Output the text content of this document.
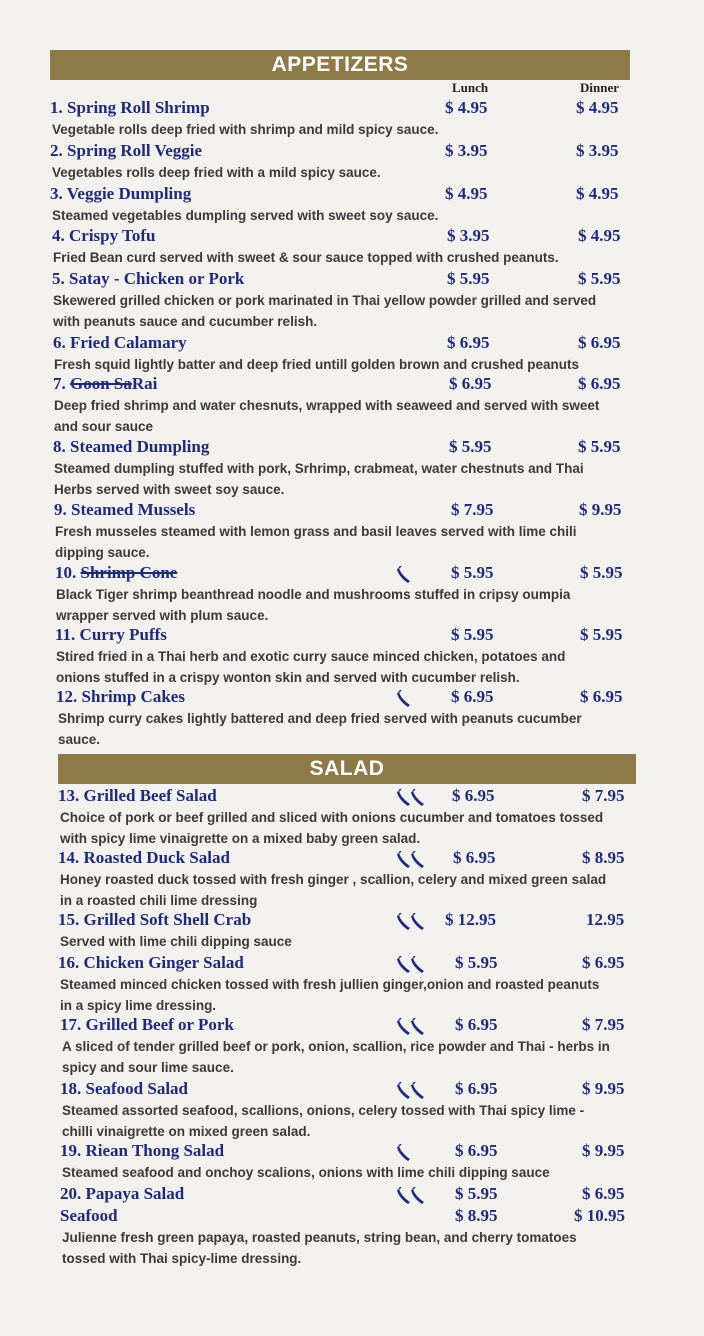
APPETIZERS
Lunch	Dinner
1. Spring Roll Shrimp	$ 4.95	$ 4.95
Vegetable rolls deep fried with shrimp and mild spicy sauce.
2. Spring Roll Veggie	$ 3.95	$ 3.95
Vegetables rolls deep fried with a mild spicy sauce.
3. Veggie Dumpling	$ 4.95	$ 4.95
Steamed vegetables dumpling served with sweet soy sauce.
4. Crispy Tofu	$ 3.95	$ 4.95
Fried Bean curd served with sweet & sour sauce topped with crushed peanuts.
5. Satay - Chicken or Pork	$ 5.95	$ 5.95
Skewered grilled chicken or pork marinated in Thai yellow powder grilled and served
with peanuts sauce and cucumber relish.
6. Fried Calamary	$ 6.95	$ 6.95
Fresh squid lightly batter and deep fried untill golden brown and crushed peanuts
7. Goon SaRai	$ 6.95	$ 6.95
Deep fried shrimp and water chesnuts, wrapped with seaweed and served with sweet
and sour sauce
8. Steamed Dumpling	$ 5.95	$ 5.95
Steamed dumpling stuffed with pork, Srhrimp, crabmeat, water chestnuts and Thai
Herbs served with sweet soy sauce.
9. Steamed Mussels	$ 7.95	$ 9.95
Fresh musseles steamed with lemon grass and basil leaves served with lime chili
dipping sauce.
10. Shrimp Cone	$ 5.95	$ 5.95
Black Tiger shrimp beanthread noodle and mushrooms stuffed in cripsy oumpia
wrapper served with plum sauce.
11. Curry Puffs	$ 5.95	$ 5.95
Stired fried in a Thai herb and exotic curry sauce minced chicken, potatoes and
onions stuffed in a crispy wonton skin and served with cucumber relish.
12. Shrimp Cakes	$ 6.95	$ 6.95
Shrimp curry cakes lightly battered and deep fried served with peanuts cucumber
sauce.
SALAD
13. Grilled Beef Salad	$ 6.95	$ 7.95
Choice of pork or beef grilled and sliced with onions cucumber and tomatoes tossed
with spicy lime vinaigrette on a mixed baby green salad.
14. Roasted Duck Salad	$ 6.95	$ 8.95
Honey roasted duck tossed with fresh ginger , scallion, celery and mixed green salad
in a roasted chili lime dressing
15. Grilled Soft Shell Crab	$ 12.95	12.95
Served with lime chili dipping sauce
16. Chicken Ginger Salad	$ 5.95	$ 6.95
Steamed minced chicken tossed with fresh jullien ginger,onion and roasted peanuts
in a spicy lime dressing.
17. Grilled Beef or Pork	$ 6.95	$ 7.95
A sliced of tender grilled beef or pork, onion, scallion, rice powder and Thai - herbs in
spicy and sour lime sauce.
18. Seafood Salad	$ 6.95	$ 9.95
Steamed assorted seafood, scallions, onions, celery tossed with Thai spicy lime -
chilli vinaigrette on mixed green salad.
19. Riean Thong Salad	$ 6.95	$ 9.95
Steamed seafood and onchoy scalions, onions with lime chili dipping sauce
20. Papaya Salad	$ 5.95	$ 6.95
Seafood	$ 8.95	$ 10.95
Julienne fresh green papaya, roasted peanuts, string bean, and cherry tomatoes
tossed with Thai spicy-lime dressing.
